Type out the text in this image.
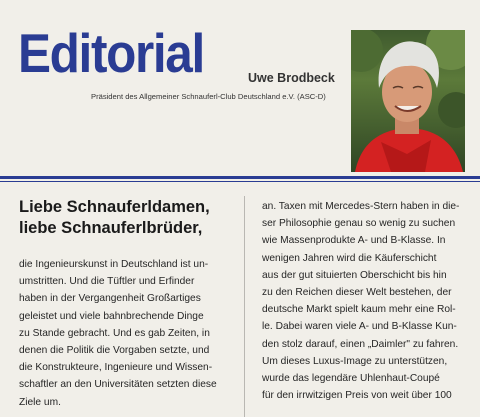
Editorial	Uwe Brodbeck
Präsident des Allgemeiner Schnauferl-Club Deutschland e.V. (ASC-D)
Liebe Schnauferldamen,
liebe Schnauferlbrüder,
die Ingenieurskunst in Deutschland ist un-
umstritten. Und die Tüftler und Erfinder
haben in der Vergangenheit Großartiges
geleistet und viele bahnbrechende Dinge
zu Stande gebracht. Und es gab Zeiten, in
denen die Politik die Vorgaben setzte, und
die Konstrukteure, Ingenieure und Wissen-
schaftler an den Universitäten setzten diese
Ziele um.
an. Taxen mit Mercedes-Stern haben in die-
ser Philosophie genau so wenig zu suchen
wie Massenprodukte A- und B-Klasse. In
wenigen Jahren wird die Käuferschicht
aus der gut situierten Oberschicht bis hin
zu den Reichen dieser Welt bestehen, der
deutsche Markt spielt kaum mehr eine Rol-
le. Dabei waren viele A- und B-Klasse Kun-
den stolz darauf, einen „Daimler" zu fahren.
Um dieses Luxus-Image zu unterstützen,
wurde das legendäre Uhlenhaut-Coupé
für den irrwitzigen Preis von weit über 100
